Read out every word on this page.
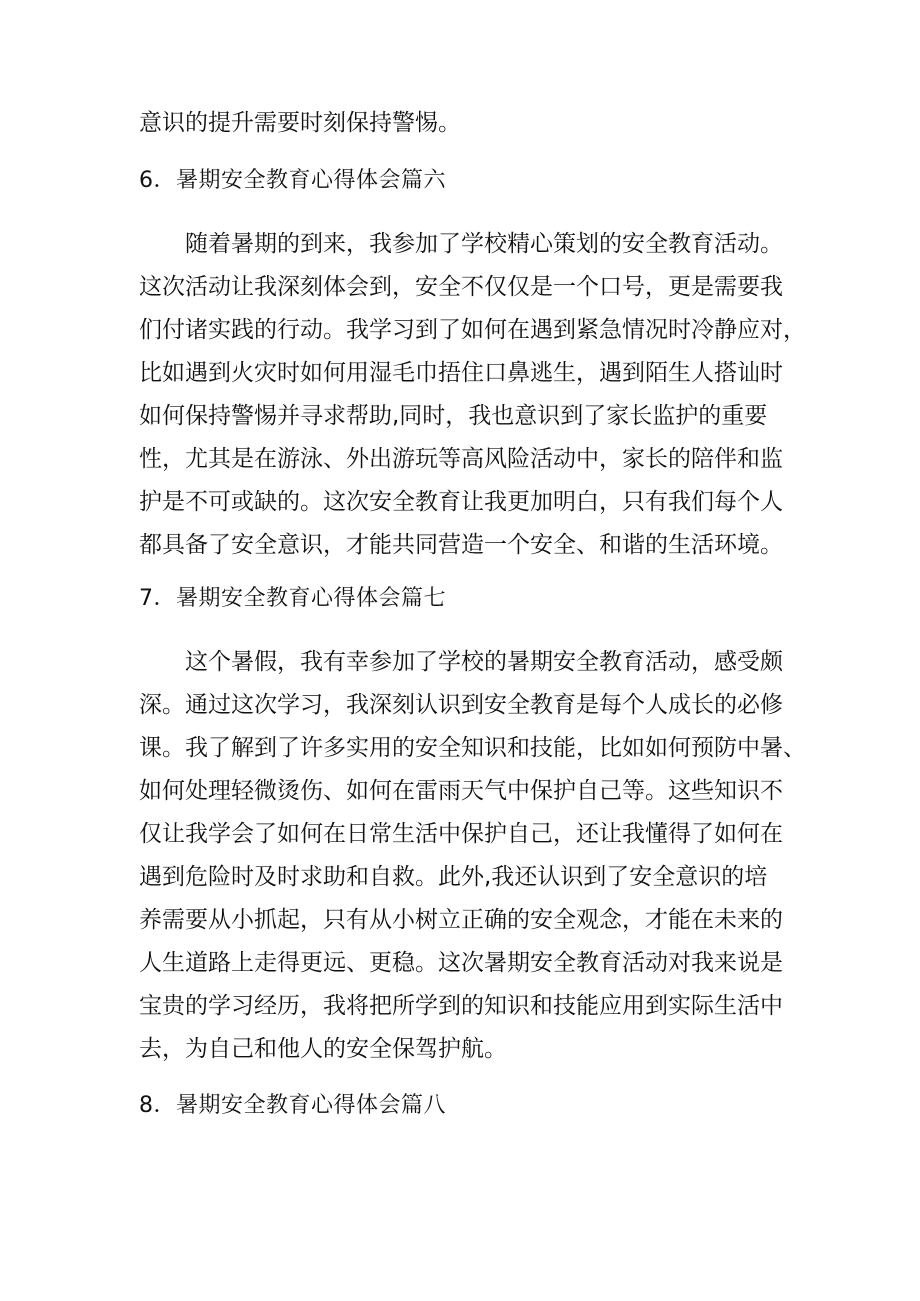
意识的提升需要时刻保持警惕。
6．暑期安全教育心得体会篇六
随着暑期的到来，我参加了学校精心策划的安全教育活动。
这次活动让我深刻体会到，安全不仅仅是一个口号，更是需要我
们付诸实践的行动。我学习到了如何在遇到紧急情况时冷静应对，
比如遇到火灾时如何用湿毛巾捂住口鼻逃生，遇到陌生人搭讪时
如何保持警惕并寻求帮助,同时，我也意识到了家长监护的重要
性，尤其是在游泳、外出游玩等高风险活动中，家长的陪伴和监
护是不可或缺的。这次安全教育让我更加明白，只有我们每个人
都具备了安全意识，才能共同营造一个安全、和谐的生活环境。
7．暑期安全教育心得体会篇七
这个暑假，我有幸参加了学校的暑期安全教育活动，感受颇
深。通过这次学习，我深刻认识到安全教育是每个人成长的必修
课。我了解到了许多实用的安全知识和技能，比如如何预防中暑、
如何处理轻微烫伤、如何在雷雨天气中保护自己等。这些知识不
仅让我学会了如何在日常生活中保护自己，还让我懂得了如何在
遇到危险时及时求助和自救。此外,我还认识到了安全意识的培
养需要从小抓起，只有从小树立正确的安全观念，才能在未来的
人生道路上走得更远、更稳。这次暑期安全教育活动对我来说是
宝贵的学习经历，我将把所学到的知识和技能应用到实际生活中
去，为自己和他人的安全保驾护航。
8．暑期安全教育心得体会篇八
